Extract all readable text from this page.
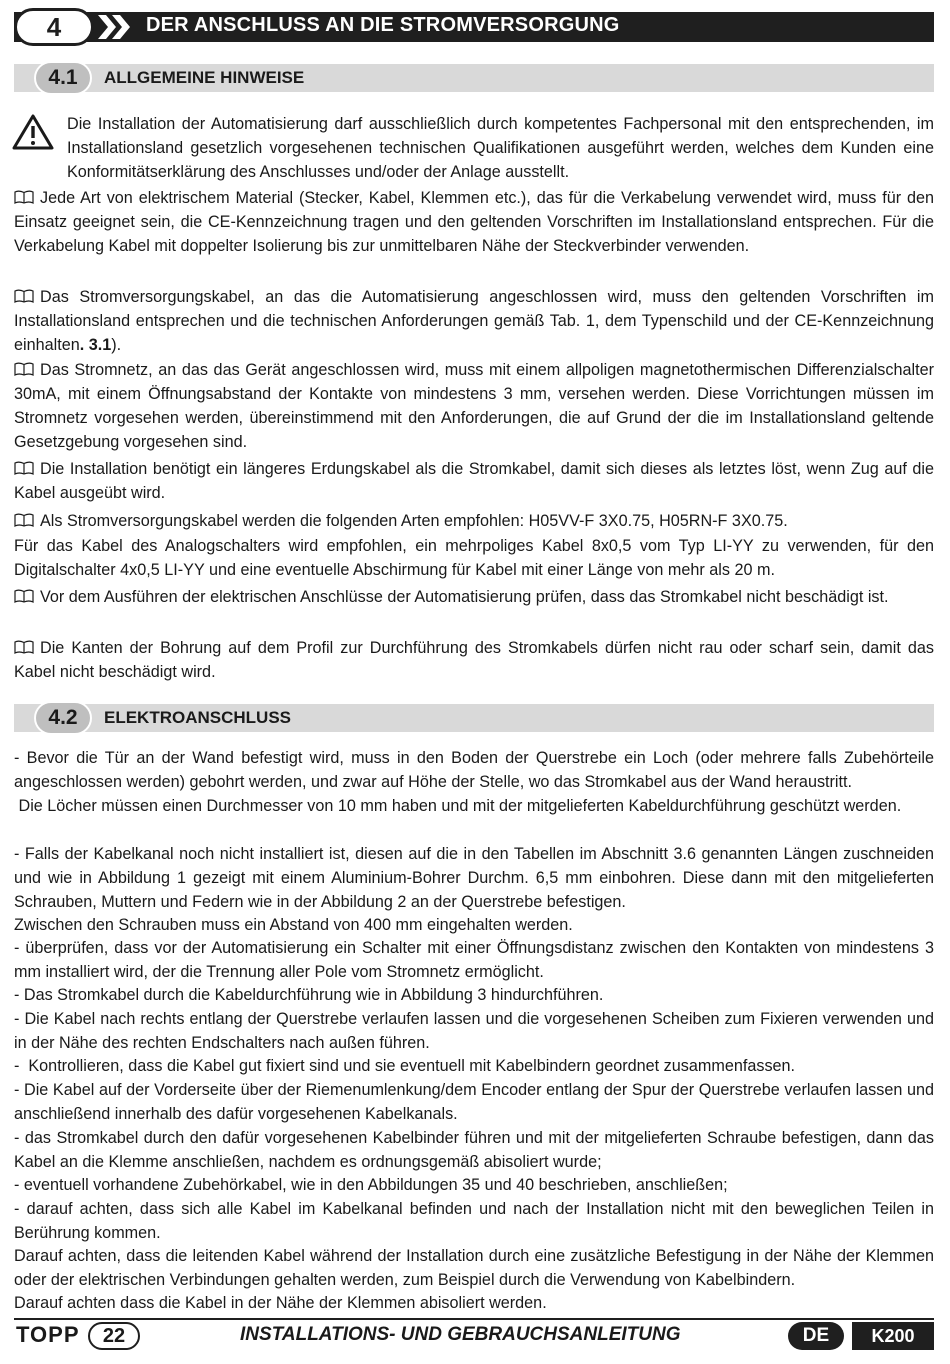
4	DER ANSCHLUSS AN DIE STROMVERSORGUNG
4.1	ALLGEMEINE HINWEISE

Die Installation der Automatisierung darf ausschließlich durch kompetentes Fachpersonal mit den entsprechenden, im Installationsland gesetzlich vorgesehenen technischen Qualifikationen ausgeführt werden, welches dem Kunden eine Konformitätserklärung des Anschlusses und/oder der Anlage ausstellt.

Jede Art von elektrischem Material (Stecker, Kabel, Klemmen etc.), das für die Verkabelung verwendet wird, muss für den Einsatz geeignet sein, die CE-Kennzeichnung tragen und den geltenden Vorschriften im Installationsland entsprechen. Für die Verkabelung Kabel mit doppelter Isolierung bis zur unmittelbaren Nähe der Steckverbinder verwenden.

Das Stromversorgungskabel, an das die Automatisierung angeschlossen wird, muss den geltenden Vorschriften im Installationsland entsprechen und die technischen Anforderungen gemäß Tab. 1, dem Typenschild und der CE-Kennzeichnung einhalten. 3.1).

Das Stromnetz, an das das Gerät angeschlossen wird, muss mit einem allpoligen magnetothermischen Differenzialschalter 30mA, mit einem Öffnungsabstand der Kontakte von mindestens 3 mm, versehen werden. Diese Vorrichtungen müssen im Stromnetz vorgesehen werden, übereinstimmend mit den Anforderungen, die auf Grund der die im Installationsland geltende Gesetzgebung vorgesehen sind.

Die Installation benötigt ein längeres Erdungskabel als die Stromkabel, damit sich dieses als letztes löst, wenn Zug auf die Kabel ausgeübt wird.

Als Stromversorgungskabel werden die folgenden Arten empfohlen: H05VV-F 3X0.75, H05RN-F 3X0.75.

Für das Kabel des Analogschalters wird empfohlen, ein mehrpoliges Kabel 8x0,5 vom Typ LI-YY zu verwenden, für den Digitalschalter 4x0,5 LI-YY und eine eventuelle Abschirmung für Kabel mit einer Länge von mehr als 20 m.

Vor dem Ausführen der elektrischen Anschlüsse der Automatisierung prüfen, dass das Stromkabel nicht beschädigt ist.

Die Kanten der Bohrung auf dem Profil zur Durchführung des Stromkabels dürfen nicht rau oder scharf sein, damit das Kabel nicht beschädigt wird.

4.2	ELEKTROANSCHLUSS

- Bevor die Tür an der Wand befestigt wird, muss in den Boden der Querstrebe ein Loch (oder mehrere falls Zubehörteile angeschlossen werden) gebohrt werden, und zwar auf Höhe der Stelle, wo das Stromkabel aus der Wand heraustritt.

Die Löcher müssen einen Durchmesser von 10 mm haben und mit der mitgelieferten Kabeldurchführung geschützt werden.

- Falls der Kabelkanal noch nicht installiert ist, diesen auf die in den Tabellen im Abschnitt 3.6 genannten Längen zuschneiden und wie in Abbildung 1 gezeigt mit einem Aluminium-Bohrer Durchm. 6,5 mm einbohren. Diese dann mit den mitgelieferten Schrauben, Muttern und Federn wie in der Abbildung 2 an der Querstrebe befestigen.

Zwischen den Schrauben muss ein Abstand von 400 mm eingehalten werden.

- überprüfen, dass vor der Automatisierung ein Schalter mit einer Öffnungsdistanz zwischen den Kontakten von mindestens 3 mm installiert wird, der die Trennung aller Pole vom Stromnetz ermöglicht.

- Das Stromkabel durch die Kabeldurchführung wie in Abbildung 3 hindurchführen.

- Die Kabel nach rechts entlang der Querstrebe verlaufen lassen und die vorgesehenen Scheiben zum Fixieren verwenden und in der Nähe des rechten Endschalters nach außen führen.

-  Kontrollieren, dass die Kabel gut fixiert sind und sie eventuell mit Kabelbindern geordnet zusammenfassen.

- Die Kabel auf der Vorderseite über der Riemenumlenkung/dem Encoder entlang der Spur der Querstrebe verlaufen lassen und anschließend innerhalb des dafür vorgesehenen Kabelkanals.

- das Stromkabel durch den dafür vorgesehenen Kabelbinder führen und mit der mitgelieferten Schraube befestigen, dann das Kabel an die Klemme anschließen, nachdem es ordnungsgemäß abisoliert wurde;

- eventuell vorhandene Zubehörkabel, wie in den Abbildungen 35 und 40 beschrieben, anschließen;

- darauf achten, dass sich alle Kabel im Kabelkanal befinden und nach der Installation nicht mit den beweglichen Teilen in Berührung kommen.

Darauf achten, dass die leitenden Kabel während der Installation durch eine zusätzliche Befestigung in der Nähe der Klemmen oder der elektrischen Verbindungen gehalten werden, zum Beispiel durch die Verwendung von Kabelbindern.

Darauf achten dass die Kabel in der Nähe der Klemmen abisoliert werden.

TOPP	22	INSTALLATIONS- UND GEBRAUCHSANLEITUNG	DE	K200
